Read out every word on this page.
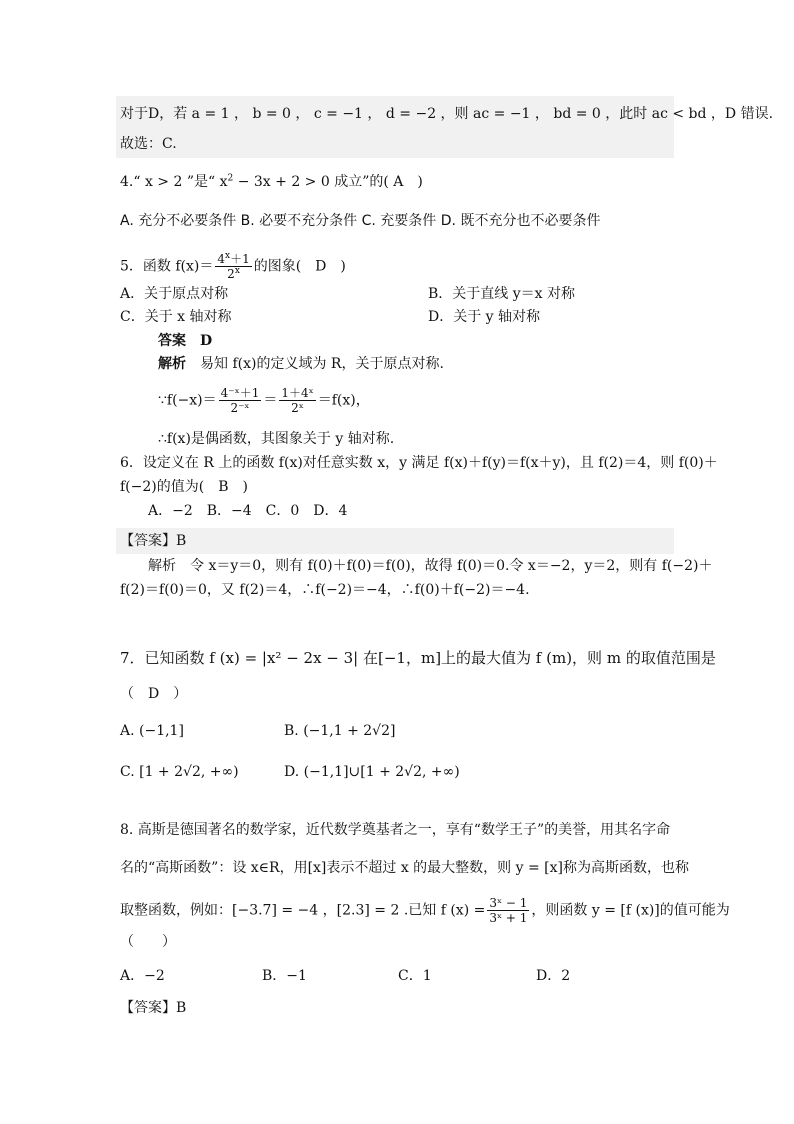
对于D，若 a = 1 ， b = 0 ， c = −1 ， d = −2 ，则 ac = −1 ， bd = 0 ，此时 ac < bd ，D 错误.
故选：C.
4.“ x > 2 ”是“ $x^2 - 3x + 2 > 0$ 成立”的( A　)
A. 充分不必要条件 B. 必要不充分条件 C. 充要条件 D. 既不充分也不必要条件
5．函数 $f(x)= \frac{4^x+1}{2^x}$ 的图象(　D　)
A．关于原点对称	B．关于直线 y＝x 对称
C．关于 x 轴对称	D．关于 y 轴对称
答案　D
解析　 易知 f(x)的定义域为 R，关于原点对称.
∵f(−x)＝ $\frac{\text{4⁻ˣ＋1}}{\text{2⁻ˣ}} = \frac{\text{1＋4ˣ}}{\text{2ˣ}} =f(x)$，
∴f(x)是偶函数，其图象关于 y 轴对称.
6．设定义在 R 上的函数 f(x)对任意实数 x，y 满足 f(x)＋f(y)＝f(x＋y)，且 f(2)＝4，则 f(0)＋
f(−2)的值为(　B　)
A．−2　B．−4　C．0　D．4
【答案】B
解析　令 x＝y＝0，则有 f(0)＋f(0)＝f(0)，故得 f(0)＝0.令 x＝−2，y＝2，则有 f(−2)＋
f(2)＝f(0)＝0，又 f(2)＝4，∴f(−2)＝−4，∴f(0)＋f(−2)＝−4.
7．已知函数 f (x) = |x² − 2x − 3| 在[−1，m]上的最大值为 f (m)，则 m 的取值范围是
（　D　）
A. (−1,1]	B. (−1,1 + 2√2]
C. [1 + 2√2, +∞)	D. (−1,1]∪[1 + 2√2, +∞)
8. 高斯是德国著名的数学家，近代数学奠基者之一，享有“数学王子”的美誉，用其名字命
名的“高斯函数”：设 x∈R，用[x]表示不超过 x 的最大整数，则 y = [x]称为高斯函数，也称
取整函数，例如：[−3.7] = −4 ，[2.3] = 2 .已知 f $(x) = \frac{\text{3ˣ − 1}}{\text{3ˣ + 1}}$ ，则函数 y = [f (x)]的值可能为
（　　）
A．−2	B．−1	C．1	D．2
【答案】B
